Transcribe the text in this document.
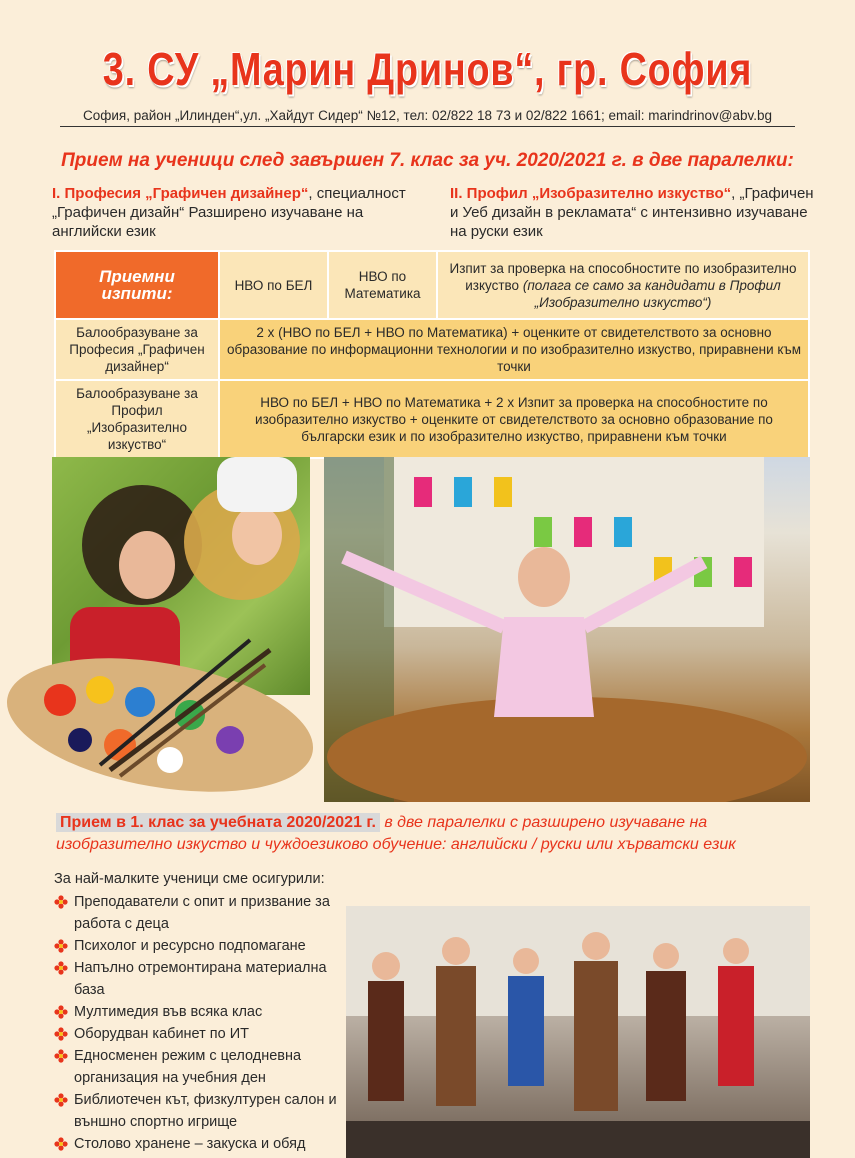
3. СУ „Марин Дринов“, гр. София
София, район „Илинден“,ул. „Хайдут Сидер“ №12, тел: 02/822 18 73 и 02/822 1661; email: marindrinov@abv.bg
Прием на ученици след завършен 7. клас за уч. 2020/2021 г. в две паралелки:
I. Професия „Графичен дизайнер“, специалност „Графичен дизайн“ Разширено изучаване на английски език
II. Профил „Изобразително изкуство“, „Графичен и Уеб дизайн в рекламата“ с интензивно изучаване на руски език
Приемни изпити:	НВО по БЕЛ	НВО по Математика	Изпит за проверка на способностите по изобразително изкуство (полага се само за кандидати в Профил „Изобразително изкуство“)
Балообразуване за Професия „Графичен дизайнер“	2 х (НВО по БЕЛ + НВО по Математика) + оценките от свидетелството за основно образование по информационни технологии и по изобразително изкуство, приравнени към точки		
Балообразуване за Профил „Изобразително изкуство“	НВО по БЕЛ + НВО по Математика + 2 х Изпит за проверка на способностите по изобразително изкуство + оценките от свидетелството за основно образование по български език и по изобразително изкуство, приравнени към точки		
Прием в 1. клас за учебната 2020/2021 г. в две паралелки с разширено изучаване на изобразително изкуство и чуждоезиково обучение: английски / руски или хърватски език
За най-малките ученици сме осигурили:
Преподаватели с опит и призвание за работа с деца
Психолог и ресурсно подпомагане
Напълно отремонтирана материална база
Мултимедия във всяка клас
Оборудван кабинет по ИТ
Едносменен режим с целодневна организация на учебния ден
Библиотечен кът, физкултурен салон и външно спортно игрище
Столово хранене – закуска и обяд
